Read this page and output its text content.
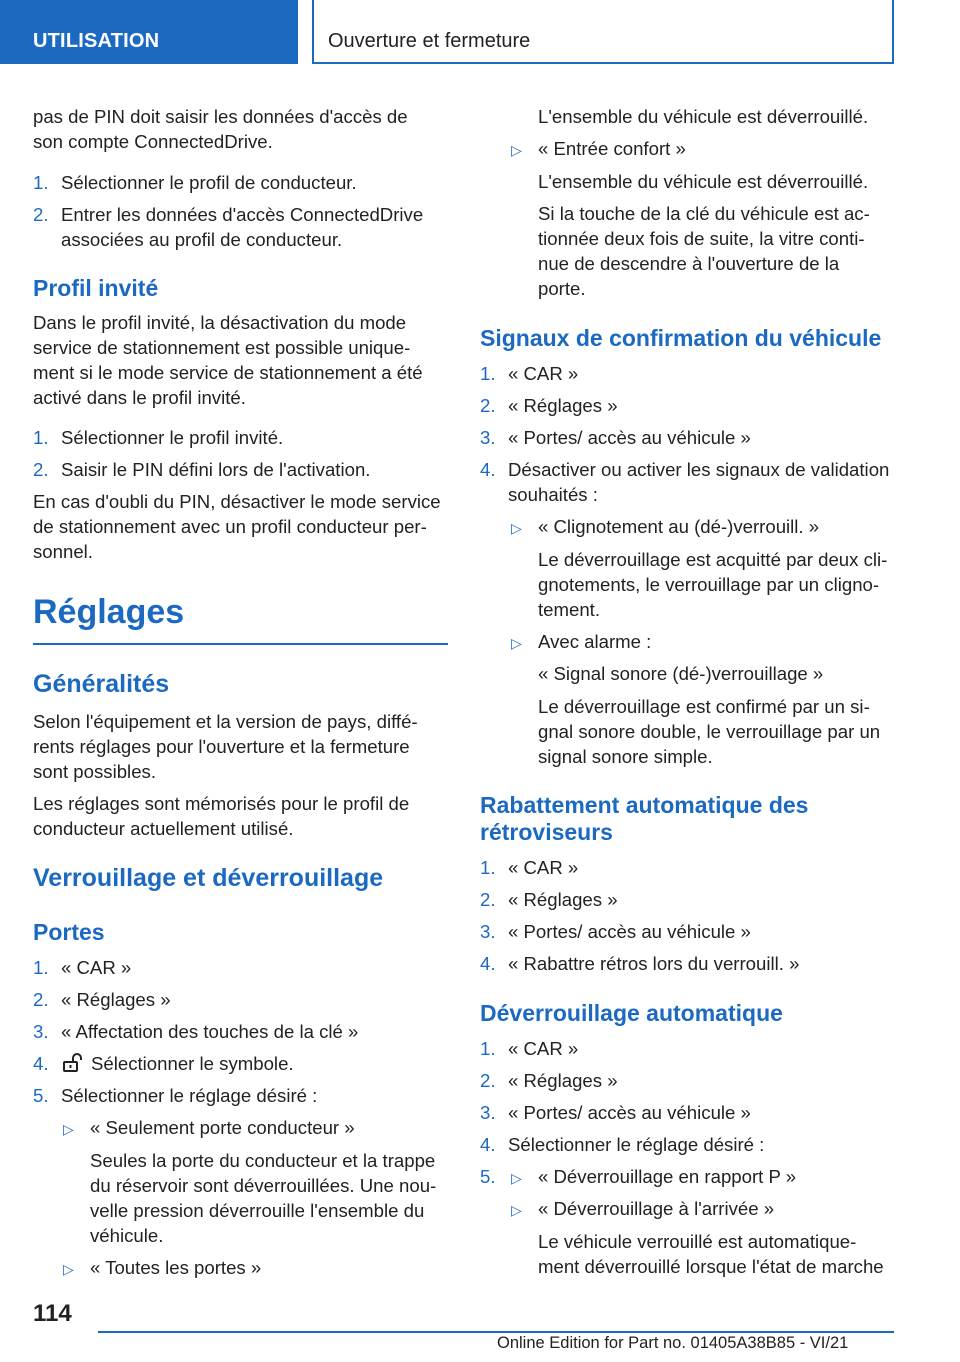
UTILISATION	Ouverture et fermeture
pas de PIN doit saisir les données d'accès de
son compte ConnectedDrive.
1. Sélectionner le profil de conducteur.
2. Entrer les données d'accès ConnectedDrive
associées au profil de conducteur.
Profil invité
Dans le profil invité, la désactivation du mode
service de stationnement est possible unique-
ment si le mode service de stationnement a été
activé dans le profil invité.
1. Sélectionner le profil invité.
2. Saisir le PIN défini lors de l'activation.
En cas d'oubli du PIN, désactiver le mode service
de stationnement avec un profil conducteur per-
sonnel.
Réglages
Généralités
Selon l'équipement et la version de pays, diffé-
rents réglages pour l'ouverture et la fermeture
sont possibles.
Les réglages sont mémorisés pour le profil de
conducteur actuellement utilisé.
Verrouillage et déverrouillage
Portes
1. « CAR »
2. « Réglages »
3. « Affectation des touches de la clé »
4.	Sélectionner le symbole.
5. Sélectionner le réglage désiré :
▷ « Seulement porte conducteur »
Seules la porte du conducteur et la trappe
du réservoir sont déverrouillées. Une nou-
velle pression déverrouille l'ensemble du
véhicule.
▷ « Toutes les portes »
L'ensemble du véhicule est déverrouillé.
▷ « Entrée confort »
L'ensemble du véhicule est déverrouillé.
Si la touche de la clé du véhicule est ac-
tionnée deux fois de suite, la vitre conti-
nue de descendre à l'ouverture de la
porte.
Signaux de confirmation du véhicule
1. « CAR »
2. « Réglages »
3. « Portes/ accès au véhicule »
4. Désactiver ou activer les signaux de validation
souhaités :
▷ « Clignotement au (dé-)verrouill. »
Le déverrouillage est acquitté par deux cli-
gnotements, le verrouillage par un cligno-
tement.
▷ Avec alarme :
« Signal sonore (dé-)verrouillage »
Le déverrouillage est confirmé par un si-
gnal sonore double, le verrouillage par un
signal sonore simple.
Rabattement automatique des
rétroviseurs
1. « CAR »
2. « Réglages »
3. « Portes/ accès au véhicule »
4. « Rabattre rétros lors du verrouill. »
Déverrouillage automatique
1. « CAR »
2. « Réglages »
3. « Portes/ accès au véhicule »
4. Sélectionner le réglage désiré :
5.	▷ « Déverrouillage en rapport P »
▷ « Déverrouillage à l'arrivée »
Le véhicule verrouillé est automatique-
ment déverrouillé lorsque l'état de marche
114
Online Edition for Part no. 01405A38B85 - VI/21
